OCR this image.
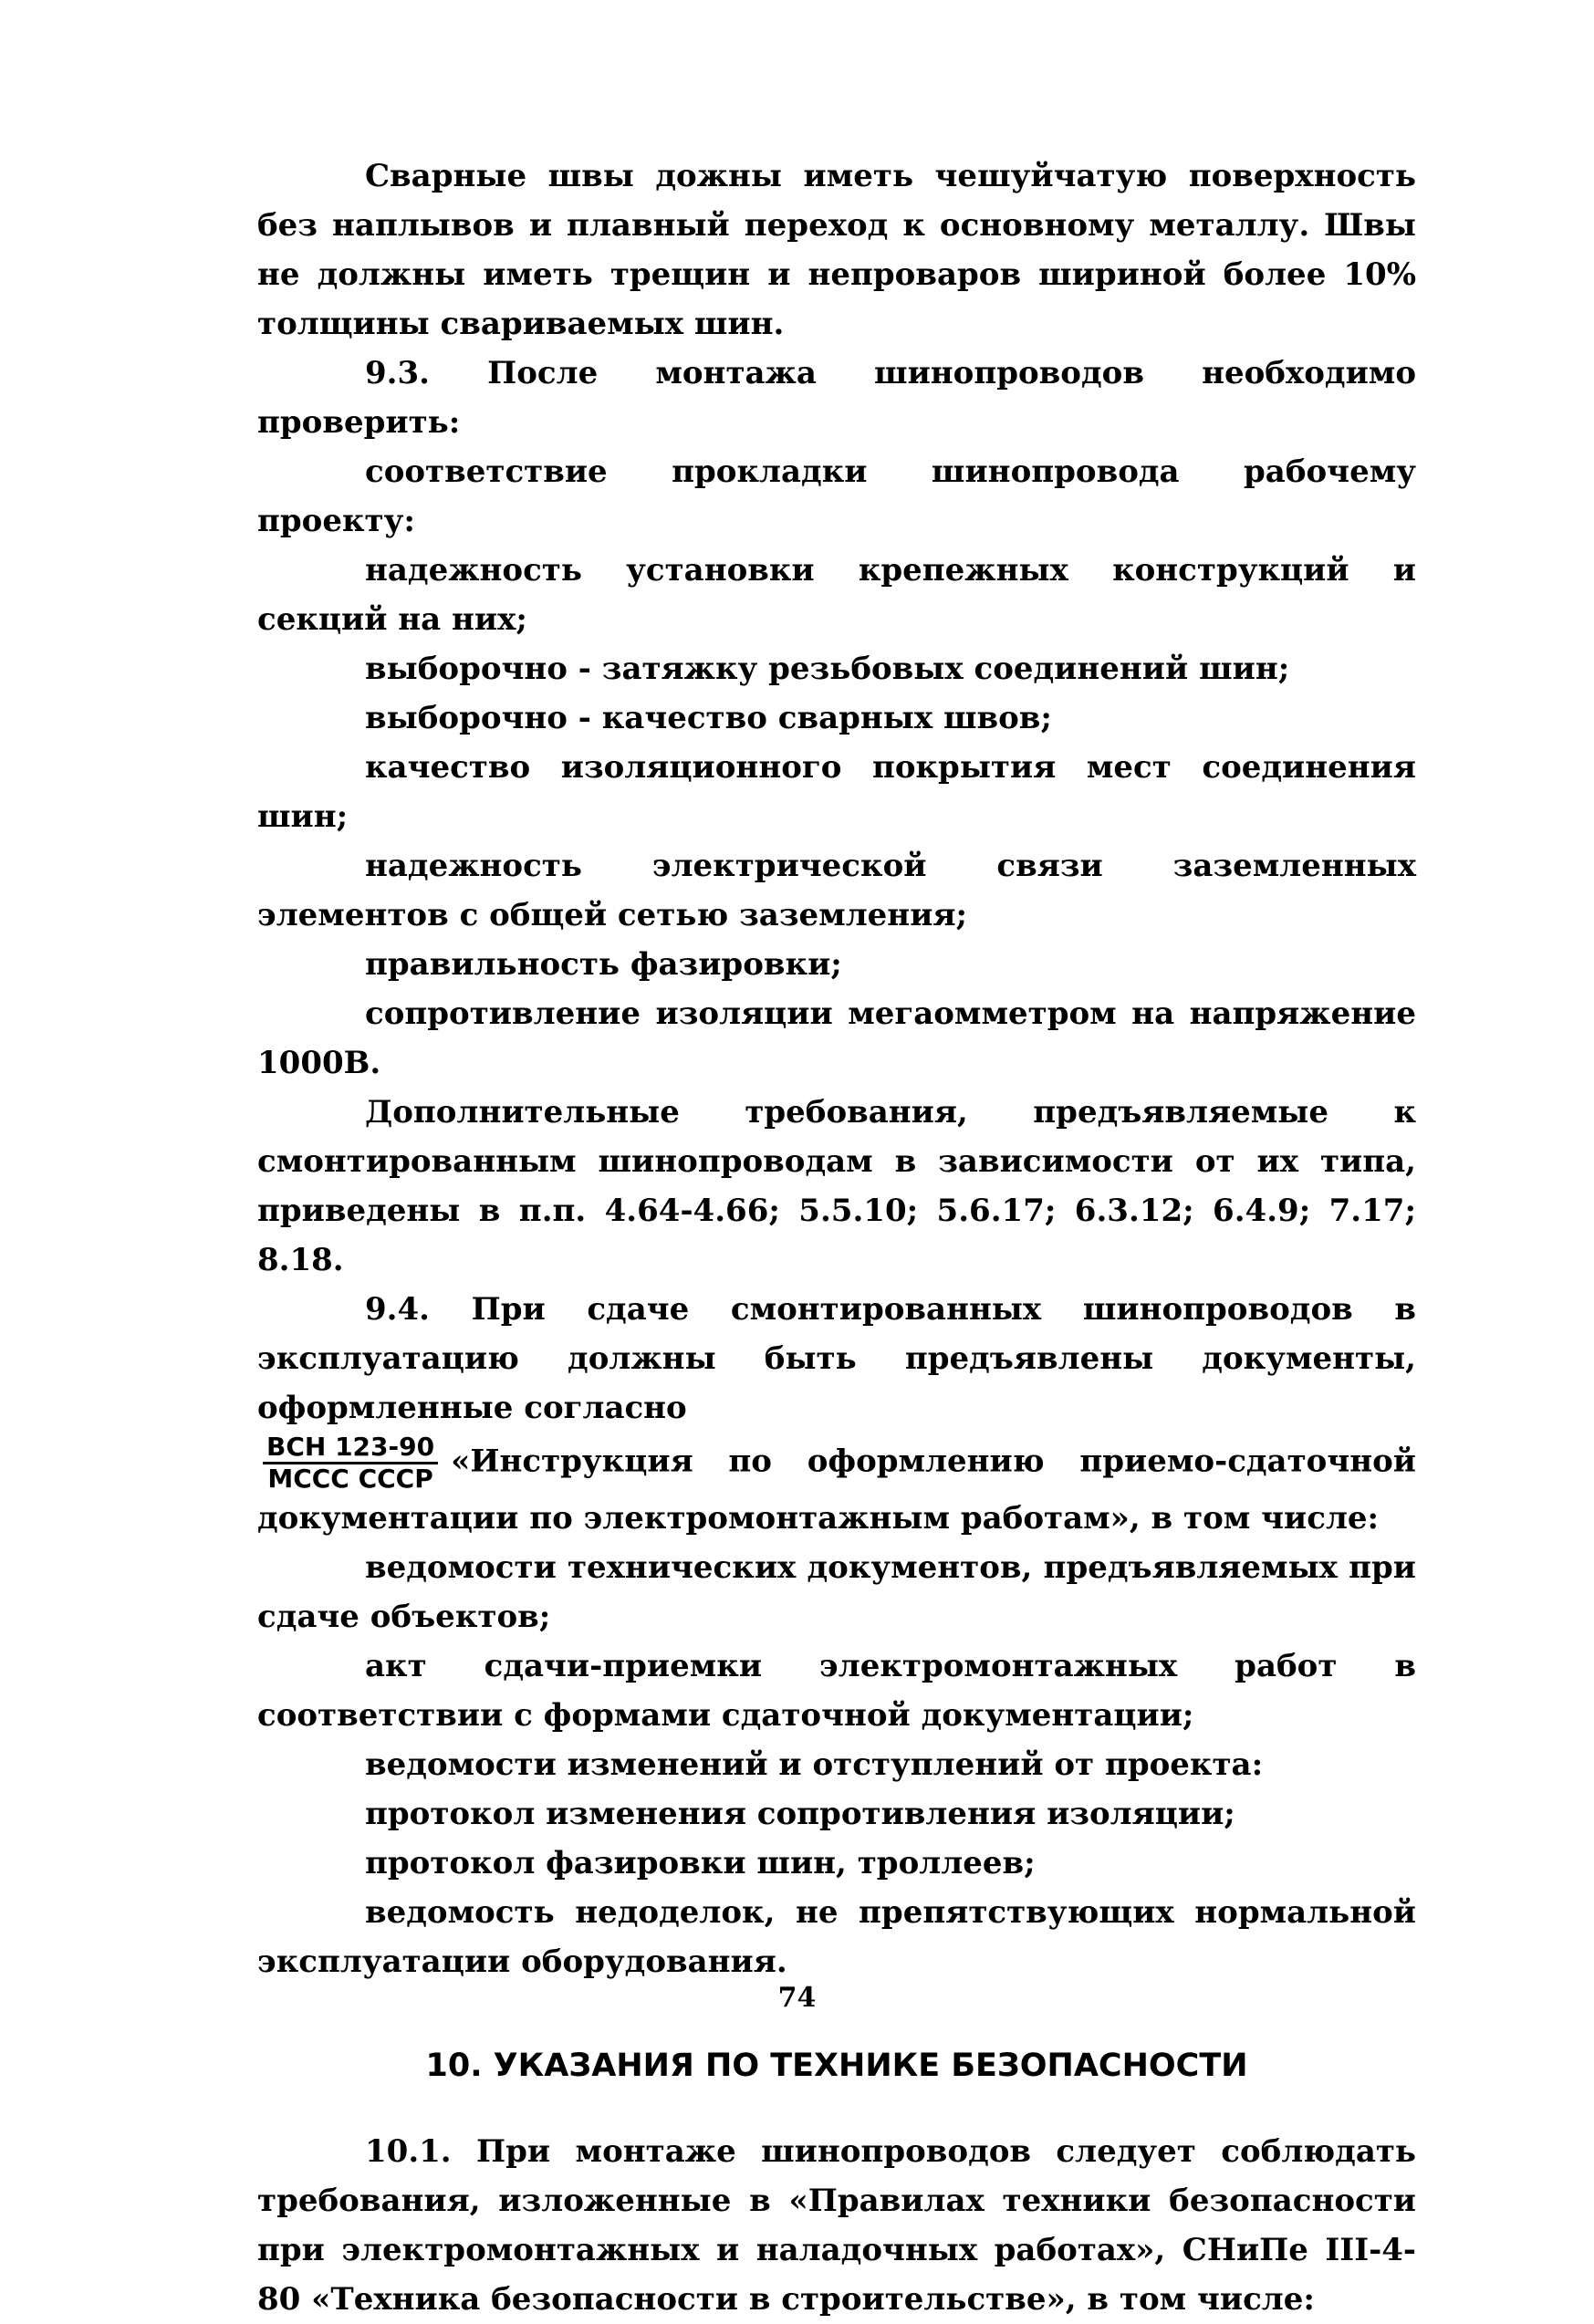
Сварные швы дожны иметь чешуйчатую поверхность без наплывов и плавный переход к основному металлу. Швы не должны иметь трещин и непроваров шириной более 10% толщины свариваемых шин.

9.3. После монтажа шинопроводов необходимо проверить:

соответствие прокладки шинопровода рабочему проекту:

надежность установки крепежных конструкций и секций на них;

выборочно - затяжку резьбовых соединений шин;

выборочно - качество сварных швов;

качество изоляционного покрытия мест соединения шин;

надежность электрической связи заземленных элементов с общей сетью заземления;

правильность фазировки;

сопротивление изоляции мегаомметром на напряжение 1000В.

Дополнительные требования, предъявляемые к смонтированным шинопроводам в зависимости от их типа, приведены в п.п. 4.64-4.66; 5.5.10; 5.6.17; 6.3.12; 6.4.9; 7.17; 8.18.

9.4. При сдаче смонтированных шинопроводов в эксплуатацию должны быть предъявлены документы, оформленные согласно

$\frac{\text{ВСН 123-90}}{\text{МССС СССР}}$ «Инструкция по оформлению приемо-сдаточной документации по электромонтажным работам», в том числе:

ведомости технических документов, предъявляемых при сдаче объектов;

акт сдачи-приемки электромонтажных работ в соответствии с формами сдаточной документации;

ведомости изменений и отступлений от проекта:

протокол изменения сопротивления изоляции;

протокол фазировки шин, троллеев;

ведомость недоделок, не препятствующих нормальной эксплуатации оборудования.

10. УКАЗАНИЯ ПО ТЕХНИКЕ БЕЗОПАСНОСТИ

10.1. При монтаже шинопроводов следует соблюдать требования, изложенные в «Правилах техники безопасности при электромонтажных и наладочных работах», СНиПе III-4-80 «Техника безопасности в строительстве», в том числе:

74
